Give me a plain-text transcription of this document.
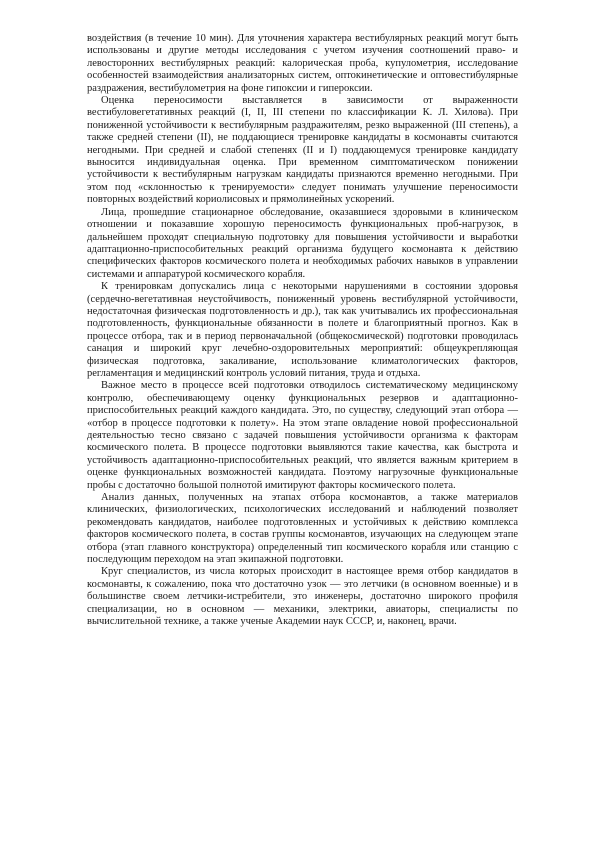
воздействия (в течение 10 мин). Для уточнения характера вестибулярных реакций могут быть использованы и другие методы исследования с учетом изучения соотношений право- и левосторонних вестибулярных реакций: калорическая проба, купулометрия, исследование особенностей взаимодействия анализаторных систем, оптокинетические и оптовестибулярные раздражения, вестибулометрия на фоне гипоксии и гипероксии.

Оценка переносимости выставляется в зависимости от выраженности вестибуловегетативных реакций (I, II, III степени по классификации К. Л. Хилова). При пониженной устойчивости к вестибулярным раздражителям, резко выраженной (III степень), а также средней степени (II), не поддающиеся тренировке кандидаты в космонавты считаются негодными. При средней и слабой степенях (II и I) поддающемуся тренировке кандидату выносится индивидуальная оценка. При временном симптоматическом понижении устойчивости к вестибулярным нагрузкам кандидаты признаются временно негодными. При этом под «склонностью к тренируемости» следует понимать улучшение переносимости повторных воздействий кориолисовых и прямолинейных ускорений.

Лица, прошедшие стационарное обследование, оказавшиеся здоровыми в клиническом отношении и показавшие хорошую переносимость функциональных проб-нагрузок, в дальнейшем проходят специальную подготовку для повышения устойчивости и выработки адаптационно-приспособительных реакций организма будущего космонавта к действию специфических факторов космического полета и необходимых рабочих навыков в управлении системами и аппаратурой космического корабля.

К тренировкам допускались лица с некоторыми нарушениями в состоянии здоровья (сердечно-вегетативная неустойчивость, пониженный уровень вестибулярной устойчивости, недостаточная физическая подготовленность и др.), так как учитывались их профессиональная подготовленность, функциональные обязанности в полете и благоприятный прогноз. Как в процессе отбора, так и в период первоначальной (общекосмической) подготовки проводилась санация и широкий круг лечебно-оздоровительных мероприятий: общеукрепляющая физическая подготовка, закаливание, использование климатологических факторов, регламентация и медицинский контроль условий питания, труда и отдыха.

Важное место в процессе всей подготовки отводилось систематическому медицинскому контролю, обеспечивающему оценку функциональных резервов и адаптационно-приспособительных реакций каждого кандидата. Это, по существу, следующий этап отбора — «отбор в процессе подготовки к полету». На этом этапе овладение новой профессиональной деятельностью тесно связано с задачей повышения устойчивости организма к факторам космического полета. В процессе подготовки выявляются такие качества, как быстрота и устойчивость адаптационно-приспособительных реакций, что является важным критерием в оценке функциональных возможностей кандидата. Поэтому нагрузочные функциональные пробы с достаточно большой полнотой имитируют факторы космического полета.

Анализ данных, полученных на этапах отбора космонавтов, а также материалов клинических, физиологических, психологических исследований и наблюдений позволяет рекомендовать кандидатов, наиболее подготовленных и устойчивых к действию комплекса факторов космического полета, в состав группы космонавтов, изучающих на следующем этапе отбора (этап главного конструктора) определенный тип космического корабля или станцию с последующим переходом на этап экипажной подготовки.

Круг специалистов, из числа которых происходит в настоящее время отбор кандидатов в космонавты, к сожалению, пока что достаточно узок — это летчики (в основном военные) и в большинстве своем летчики-истребители, это инженеры, достаточно широкого профиля специализации, но в основном — механики, электрики, авиаторы, специалисты по вычислительной технике, а также ученые Академии наук СССР, и, наконец, врачи.
